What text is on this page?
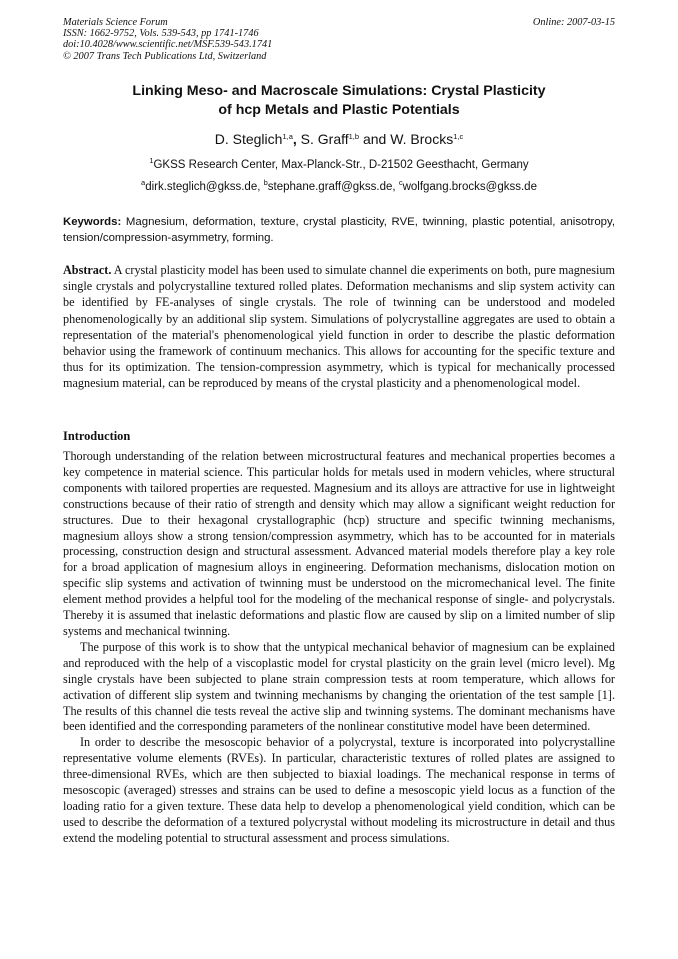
Materials Science Forum
ISSN: 1662-9752, Vols. 539-543, pp 1741-1746
doi:10.4028/www.scientific.net/MSF.539-543.1741
© 2007 Trans Tech Publications Ltd, Switzerland
Online: 2007-03-15
Linking Meso- and Macroscale Simulations: Crystal Plasticity
of hcp Metals and Plastic Potentials
D. Steglich$^{1,a}$, S. Graff$^{1,b}$ and W. Brocks$^{1,c}$
$^1$GKSS Research Center, Max-Planck-Str., D-21502 Geesthacht, Germany
$^a$dirk.steglich@gkss.de, $^b$stephane.graff@gkss.de, $^c$wolfgang.brocks@gkss.de
Keywords: Magnesium, deformation, texture, crystal plasticity, RVE, twinning, plastic potential, anisotropy, tension/compression-asymmetry, forming.
Abstract. A crystal plasticity model has been used to simulate channel die experiments on both, pure magnesium single crystals and polycrystalline textured rolled plates. Deformation mechanisms and slip system activity can be identified by FE-analyses of single crystals. The role of twinning can be understood and modeled phenomenologically by an additional slip system. Simulations of polycrystalline aggregates are used to obtain a representation of the material's phenomenological yield function in order to describe the plastic deformation behavior using the framework of continuum mechanics. This allows for accounting for the specific texture and thus for its optimization. The tension-compression asymmetry, which is typical for mechanically processed magnesium material, can be reproduced by means of the crystal plasticity and a phenomenological model.
Introduction

Thorough understanding of the relation between microstructural features and mechanical properties becomes a key competence in material science. This particular holds for metals used in modern vehicles, where structural components with tailored properties are requested. Magnesium and its alloys are attractive for use in lightweight constructions because of their ratio of strength and density which may allow a significant weight reduction for structures. Due to their hexagonal crystallographic (hcp) structure and specific twinning mechanisms, magnesium alloys show a strong tension/compression asymmetry, which has to be accounted for in materials processing, construction design and structural assessment. Advanced material models therefore play a key role for a broad application of magnesium alloys in engineering. Deformation mechanisms, dislocation motion on specific slip systems and activation of twinning must be understood on the micromechanical level. The finite element method provides a helpful tool for the modeling of the mechanical response of single- and polycrystals. Thereby it is assumed that inelastic deformations and plastic flow are caused by slip on a limited number of slip systems and mechanical twinning.

The purpose of this work is to show that the untypical mechanical behavior of magnesium can be explained and reproduced with the help of a viscoplastic model for crystal plasticity on the grain level (micro level). Mg single crystals have been subjected to plane strain compression tests at room temperature, which allows for activation of different slip system and twinning mechanisms by changing the orientation of the test sample [1]. The results of this channel die tests reveal the active slip and twinning systems. The dominant mechanisms have been identified and the corresponding parameters of the nonlinear constitutive model have been determined.

In order to describe the mesoscopic behavior of a polycrystal, texture is incorporated into polycrystalline representative volume elements (RVEs). In particular, characteristic textures of rolled plates are assigned to three-dimensional RVEs, which are then subjected to biaxial loadings. The mechanical response in terms of mesoscopic (averaged) stresses and strains can be used to define a mesoscopic yield locus as a function of the loading ratio for a given texture. These data help to develop a phenomenological yield condition, which can be used to describe the deformation of a textured polycrystal without modeling its microstructure in detail and thus extend the modeling potential to structural assessment and process simulations.
